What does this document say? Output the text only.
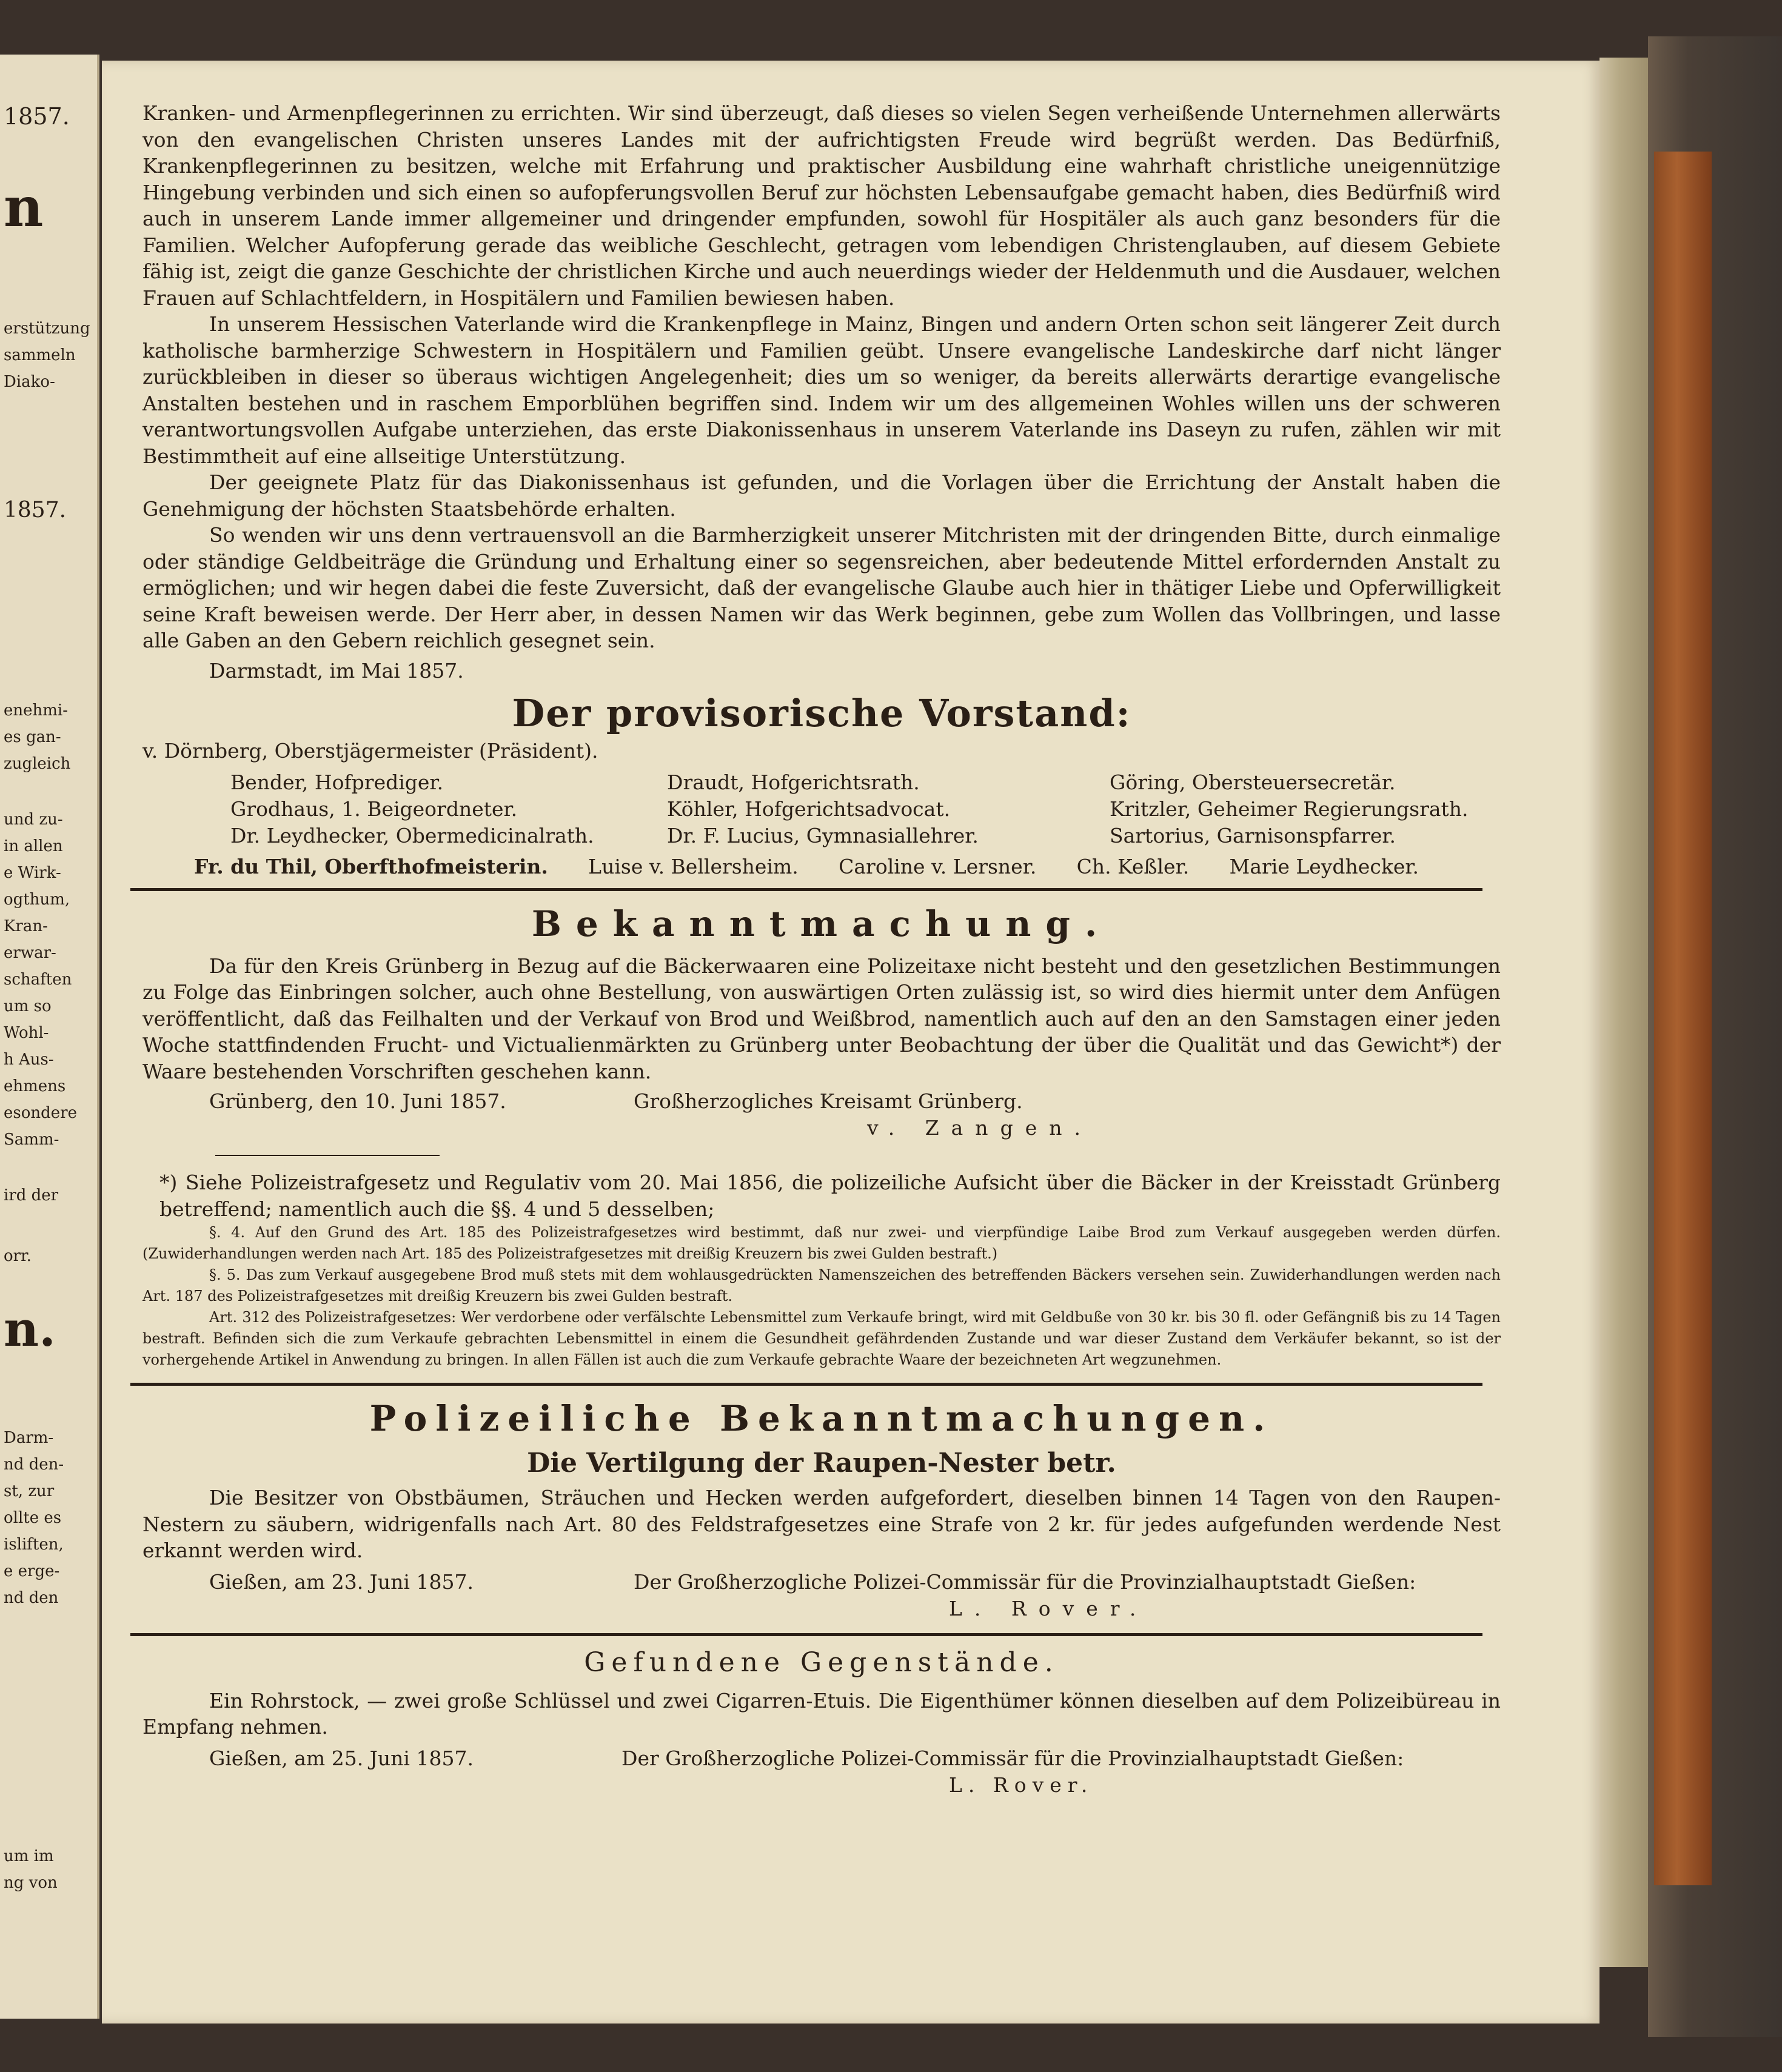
1857.
n
erstützung
sammeln
Diako-
1857.
enehmi-
es gan-
zugleich
und zu-
in allen
e Wirk-
ogthum,
Kran-
erwar-
schaften
um so
Wohl-
h Aus-
ehmens
esondere
Samm-
ird der
orr.
n.
Darm-
nd den-
st, zur
ollte es
isliften,
e erge-
nd den
um im
ng von

Kranken- und Armenpflegerinnen zu errichten. Wir sind überzeugt, daß dieses so vielen Segen verheißende Unternehmen allerwärts von den evangelischen Christen unseres Landes mit der aufrichtigsten Freude wird begrüßt werden. Das Bedürfniß, Krankenpflegerinnen zu besitzen, welche mit Erfahrung und praktischer Ausbildung eine wahrhaft christliche uneigennützige Hingebung verbinden und sich einen so aufopferungsvollen Beruf zur höchsten Lebensaufgabe gemacht haben, dies Bedürfniß wird auch in unserem Lande immer allgemeiner und dringender empfunden, sowohl für Hospitäler als auch ganz besonders für die Familien. Welcher Aufopferung gerade das weibliche Geschlecht, getragen vom lebendigen Christenglauben, auf diesem Gebiete fähig ist, zeigt die ganze Geschichte der christlichen Kirche und auch neuerdings wieder der Heldenmuth und die Ausdauer, welchen Frauen auf Schlachtfeldern, in Hospitälern und Familien bewiesen haben.

In unserem Hessischen Vaterlande wird die Krankenpflege in Mainz, Bingen und andern Orten schon seit längerer Zeit durch katholische barmherzige Schwestern in Hospitälern und Familien geübt. Unsere evangelische Landeskirche darf nicht länger zurückbleiben in dieser so überaus wichtigen Angelegenheit; dies um so weniger, da bereits allerwärts derartige evangelische Anstalten bestehen und in raschem Emporblühen begriffen sind. Indem wir um des allgemeinen Wohles willen uns der schweren verantwortungsvollen Aufgabe unterziehen, das erste Diakonissenhaus in unserem Vaterlande ins Daseyn zu rufen, zählen wir mit Bestimmtheit auf eine allseitige Unterstützung.

Der geeignete Platz für das Diakonissenhaus ist gefunden, und die Vorlagen über die Errichtung der Anstalt haben die Genehmigung der höchsten Staatsbehörde erhalten.

So wenden wir uns denn vertrauensvoll an die Barmherzigkeit unserer Mitchristen mit der dringenden Bitte, durch einmalige oder ständige Geldbeiträge die Gründung und Erhaltung einer so segensreichen, aber bedeutende Mittel erfordernden Anstalt zu ermöglichen; und wir hegen dabei die feste Zuversicht, daß der evangelische Glaube auch hier in thätiger Liebe und Opferwilligkeit seine Kraft beweisen werde. Der Herr aber, in dessen Namen wir das Werk beginnen, gebe zum Wollen das Vollbringen, und lasse alle Gaben an den Gebern reichlich gesegnet sein.

Darmstadt, im Mai 1857.

Der provisorische Vorstand:

v. Dörnberg, Oberstjägermeister (Präsident).

Bender, Hofprediger.	Draudt, Hofgerichtsrath.	Göring, Obersteuersecretär.
Grodhaus, 1. Beigeordneter.	Köhler, Hofgerichtsadvocat.	Kritzler, Geheimer Regierungsrath.
Dr. Leydhecker, Obermedicinalrath.	Dr. F. Lucius, Gymnasiallehrer.	Sartorius, Garnisonspfarrer.
Fr. du Thil, Oberfthofmeisterin. Luise v. Bellersheim. Caroline v. Lersner. Ch. Keßler. Marie Leydhecker.
Bekanntmachung.

Da für den Kreis Grünberg in Bezug auf die Bäckerwaaren eine Polizeitaxe nicht besteht und den gesetzlichen Bestimmungen zu Folge das Einbringen solcher, auch ohne Bestellung, von auswärtigen Orten zulässig ist, so wird dies hiermit unter dem Anfügen veröffentlicht, daß das Feilhalten und der Verkauf von Brod und Weißbrod, namentlich auch auf den an den Samstagen einer jeden Woche stattfindenden Frucht- und Victualienmärkten zu Grünberg unter Beobachtung der über die Qualität und das Gewicht*) der Waare bestehenden Vorschriften geschehen kann.

Grünberg, den 10. Juni 1857.	Großherzogliches Kreisamt Grünberg.
v. Zangen.

*) Siehe Polizeistrafgesetz und Regulativ vom 20. Mai 1856, die polizeiliche Aufsicht über die Bäcker in der Kreisstadt Grünberg betreffend; namentlich auch die §§. 4 und 5 desselben;

§. 4. Auf den Grund des Art. 185 des Polizeistrafgesetzes wird bestimmt, daß nur zwei- und vierpfündige Laibe Brod zum Verkauf ausgegeben werden dürfen. (Zuwiderhandlungen werden nach Art. 185 des Polizeistrafgesetzes mit dreißig Kreuzern bis zwei Gulden bestraft.)

§. 5. Das zum Verkauf ausgegebene Brod muß stets mit dem wohlausgedrückten Namenszeichen des betreffenden Bäckers versehen sein. Zuwiderhandlungen werden nach Art. 187 des Polizeistrafgesetzes mit dreißig Kreuzern bis zwei Gulden bestraft.

Art. 312 des Polizeistrafgesetzes: Wer verdorbene oder verfälschte Lebensmittel zum Verkaufe bringt, wird mit Geldbuße von 30 kr. bis 30 fl. oder Gefängniß bis zu 14 Tagen bestraft. Befinden sich die zum Verkaufe gebrachten Lebensmittel in einem die Gesundheit gefährdenden Zustande und war dieser Zustand dem Verkäufer bekannt, so ist der vorhergehende Artikel in Anwendung zu bringen. In allen Fällen ist auch die zum Verkaufe gebrachte Waare der bezeichneten Art wegzunehmen.

Polizeiliche Bekanntmachungen.
Die Vertilgung der Raupen-Nester betr.

Die Besitzer von Obstbäumen, Sträuchen und Hecken werden aufgefordert, dieselben binnen 14 Tagen von den Raupen-Nestern zu säubern, widrigenfalls nach Art. 80 des Feldstrafgesetzes eine Strafe von 2 kr. für jedes aufgefunden werdende Nest erkannt werden wird.

Gießen, am 23. Juni 1857.	Der Großherzogliche Polizei-Commissär für die Provinzialhauptstadt Gießen:
L. Rover.
Gefundene Gegenstände.

Ein Rohrstock, — zwei große Schlüssel und zwei Cigarren-Etuis. Die Eigenthümer können dieselben auf dem Polizeibüreau in Empfang nehmen.

Gießen, am 25. Juni 1857.	Der Großherzogliche Polizei-Commissär für die Provinzialhauptstadt Gießen:
L. Rover.
